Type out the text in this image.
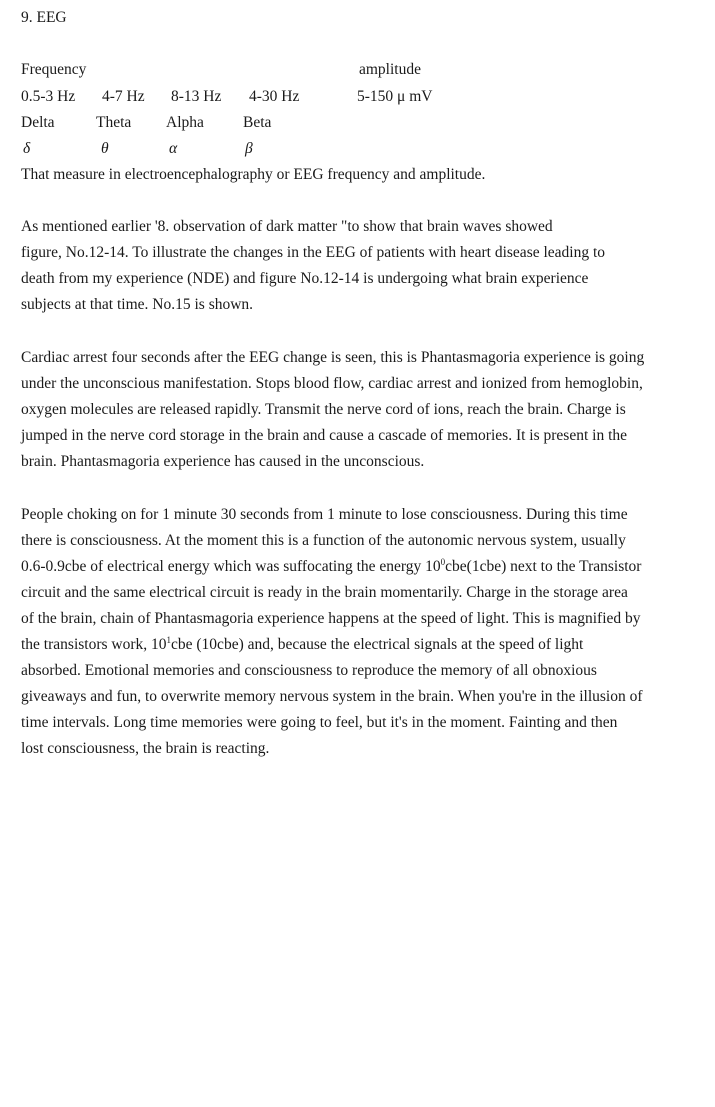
9. EEG
Frequency	amplitude
0.5-3 Hz 4-7 Hz 8-13 Hz 4-30 Hz	5-150 μ mV
Delta	Theta Alpha	Beta
δ	θ	α	β
That measure in electroencephalography or EEG frequency and amplitude.
As mentioned earlier '8. observation of dark matter "to show that brain waves showed
figure, No.12-14. To illustrate the changes in the EEG of patients with heart disease leading to
death from my experience (NDE) and figure No.12-14 is undergoing what brain experience
subjects at that time. No.15 is shown.
Cardiac arrest four seconds after the EEG change is seen, this is Phantasmagoria experience is going
under the unconscious manifestation. Stops blood flow, cardiac arrest and ionized from hemoglobin,
oxygen molecules are released rapidly. Transmit the nerve cord of ions, reach the brain. Charge is
jumped in the nerve cord storage in the brain and cause a cascade of memories. It is present in the
brain. Phantasmagoria experience has caused in the unconscious.
People choking on for 1 minute 30 seconds from 1 minute to lose consciousness. During this time
there is consciousness. At the moment this is a function of the autonomic nervous system, usually
0.6-0.9cbe of electrical energy which was suffocating the energy $10^0cbe(1cbe)$ next to the Transistor
circuit and the same electrical circuit is ready in the brain momentarily. Charge in the storage area
of the brain, chain of Phantasmagoria experience happens at the speed of light. This is magnified by
the transistors work, $10^1cbe$ (10cbe) and, because the electrical signals at the speed of light
absorbed. Emotional memories and consciousness to reproduce the memory of all obnoxious
giveaways and fun, to overwrite memory nervous system in the brain. When you're in the illusion of
time intervals. Long time memories were going to feel, but it's in the moment. Fainting and then
lost consciousness, the brain is reacting.
